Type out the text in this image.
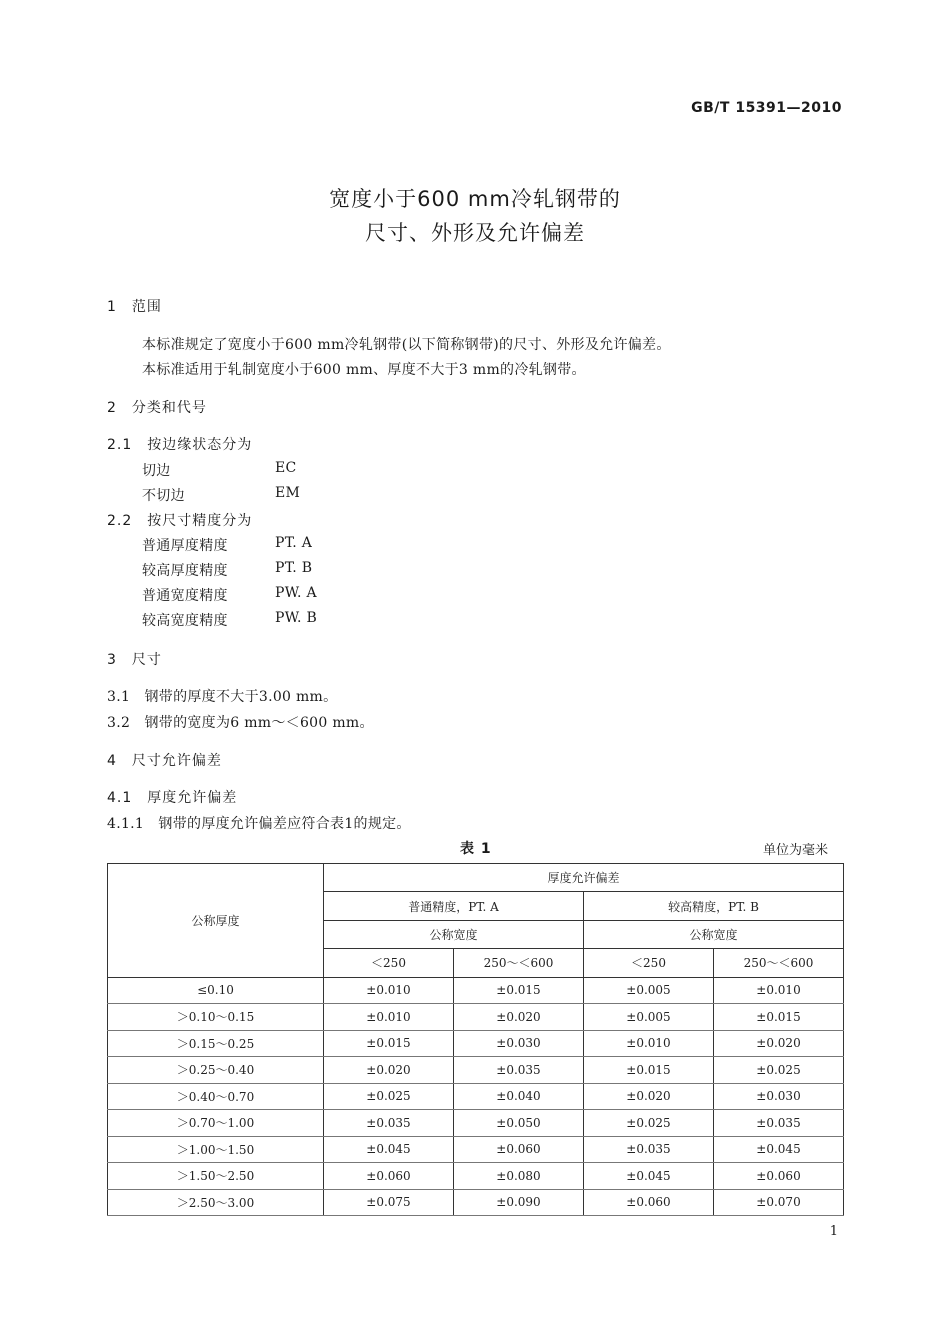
GB/T 15391—2010
宽度小于600 mm冷轧钢带的
尺寸、外形及允许偏差
1　范围
本标准规定了宽度小于600 mm冷轧钢带(以下简称钢带)的尺寸、外形及允许偏差。
本标准适用于轧制宽度小于600 mm、厚度不大于3 mm的冷轧钢带。
2　分类和代号
2.1　按边缘状态分为
切边	EC
不切边	EM
2.2　按尺寸精度分为
普通厚度精度	PT. A
较高厚度精度	PT. B
普通宽度精度	PW. A
较高宽度精度	PW. B
3　尺寸
3.1　钢带的厚度不大于3.00 mm。
3.2　钢带的宽度为6 mm～＜600 mm。
4　尺寸允许偏差
4.1　厚度允许偏差
4.1.1　钢带的厚度允许偏差应符合表1的规定。
表 1	单位为毫米
公称厚度	厚度允许偏差			
	普通精度，PT. A		较高精度，PT. B	
	公称宽度		公称宽度	
	＜250	250～＜600	＜250	250～＜600
≤0.10	±0.010	±0.015	±0.005	±0.010
＞0.10～0.15	±0.010	±0.020	±0.005	±0.015
＞0.15～0.25	±0.015	±0.030	±0.010	±0.020
＞0.25～0.40	±0.020	±0.035	±0.015	±0.025
＞0.40～0.70	±0.025	±0.040	±0.020	±0.030
＞0.70～1.00	±0.035	±0.050	±0.025	±0.035
＞1.00～1.50	±0.045	±0.060	±0.035	±0.045
＞1.50～2.50	±0.060	±0.080	±0.045	±0.060
＞2.50～3.00	±0.075	±0.090	±0.060	±0.070
1
